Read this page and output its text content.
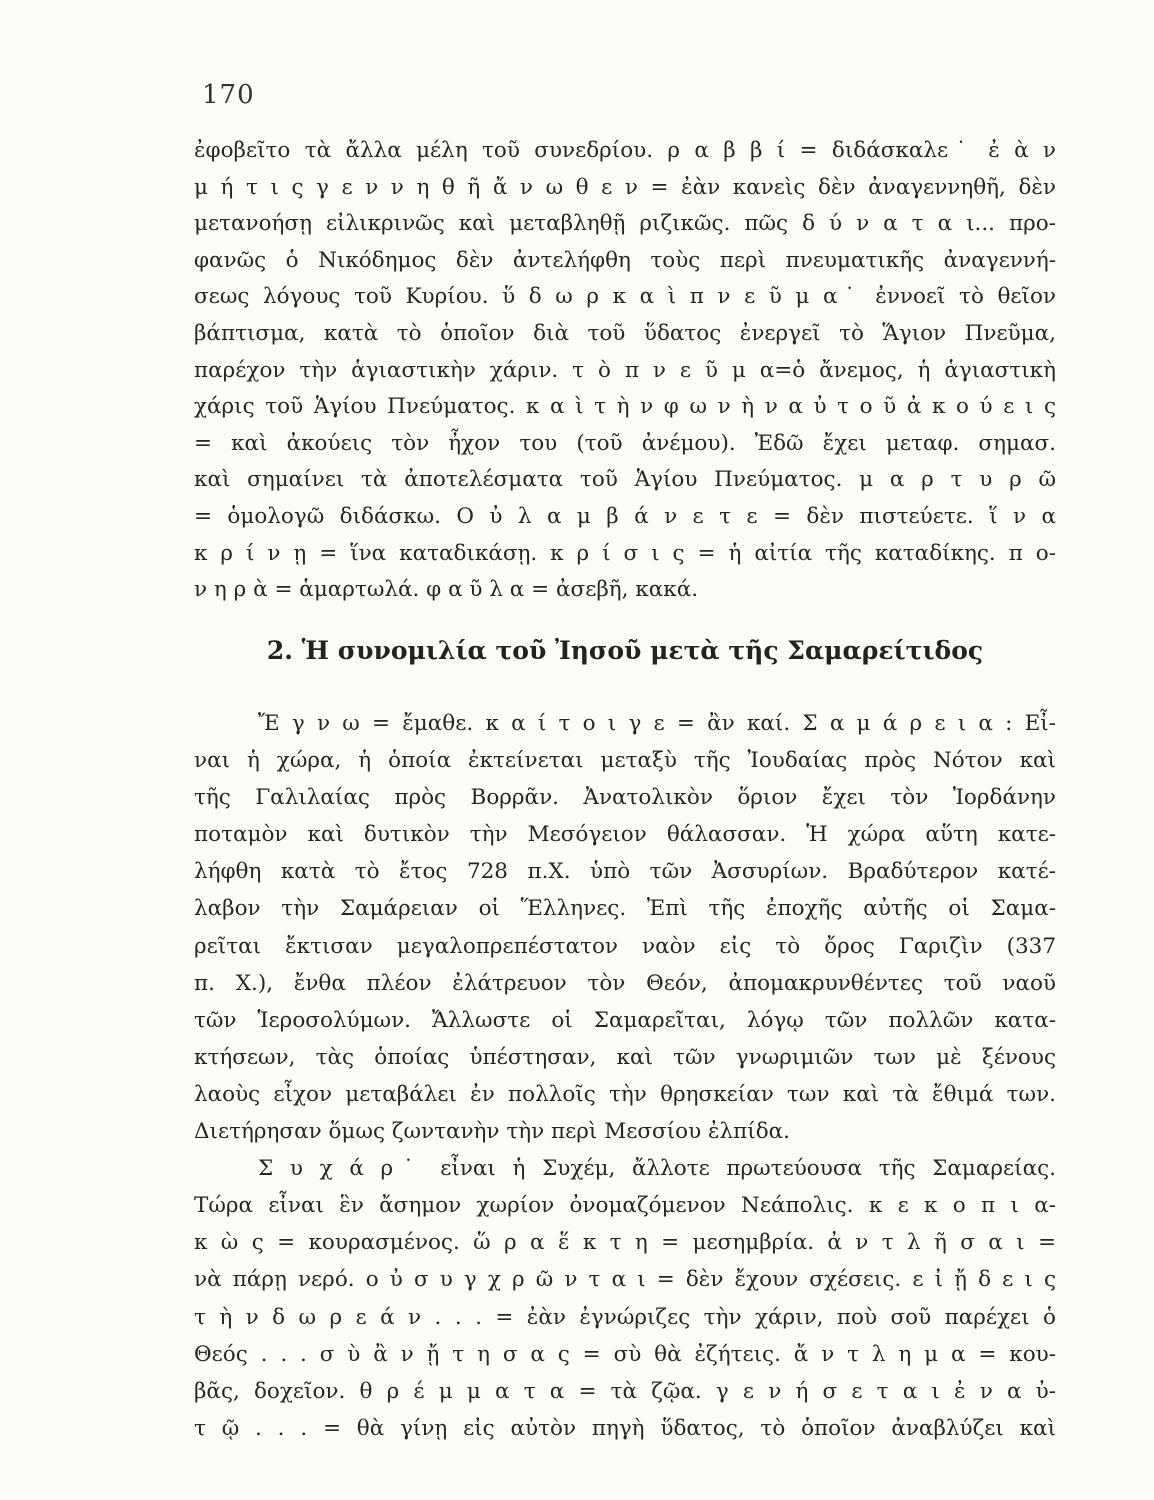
170
ἐφοβεῖτο τὰ ἄλλα μέλη τοῦ συνεδρίου. ρ α β β ί = διδάσκαλε˙ ἐ ὰ ν
μ ή τ ι ς γ ε ν ν η θ ῆ ἄ ν ω θ ε ν = ἐὰν κανεὶς δὲν ἀναγεννηθῆ, δὲν
μετανοήσῃ εἰλικρινῶς καὶ μεταβληθῇ ριζικῶς. πῶς δ ύ ν α τ α ι... προ-
φανῶς ὁ Νικόδημος δὲν ἀντελήφθη τοὺς περὶ πνευματικῆς ἀναγεννή-
σεως λόγους τοῦ Κυρίου. ὕ δ ω ρ κ α ὶ π ν ε ῦ μ α˙ ἐννοεῖ τὸ θεῖον
βάπτισμα, κατὰ τὸ ὁποῖον διὰ τοῦ ὕδατος ἐνεργεῖ τὸ Ἅγιον Πνεῦμα,
παρέχον τὴν ἁγιαστικὴν χάριν. τ ὸ π ν ε ῦ μ α=ὁ ἄνεμος, ἡ ἁγιαστικὴ
χάρις τοῦ Ἁγίου Πνεύματος. κ α ὶ τ ὴ ν φ ω ν ὴ ν α ὐ τ ο ῦ ἀ κ ο ύ ε ι ς
= καὶ ἀκούεις τὸν ἦχον του (τοῦ ἀνέμου). Ἐδῶ ἔχει μεταφ. σημασ.
καὶ σημαίνει τὰ ἀποτελέσματα τοῦ Ἁγίου Πνεύματος. μ α ρ τ υ ρ ῶ
= ὁμολογῶ διδάσκω. Ο ὐ λ α μ β ά ν ε τ ε = δὲν πιστεύετε. ἵ ν α
κ ρ ί ν ῃ = ἵνα καταδικάσῃ. κ ρ ί σ ι ς = ἡ αἰτία τῆς καταδίκης. π ο-
ν η ρ ὰ = ἁμαρτωλά. φ α ῦ λ α = ἀσεβῆ, κακά.
2. Ἡ συνομιλία τοῦ Ἰησοῦ μετὰ τῆς Σαμαρείτιδος
Ἔ γ ν ω = ἔμαθε. κ α ί τ ο ι γ ε = ἂν καί. Σ α μ ά ρ ε ι α : Εἶ-
ναι ἡ χώρα, ἡ ὁποία ἐκτείνεται μεταξὺ τῆς Ἰουδαίας πρὸς Νότον καὶ
τῆς Γαλιλαίας πρὸς Βορρᾶν. Ἀνατολικὸν ὅριον ἔχει τὸν Ἰορδάνην
ποταμὸν καὶ δυτικὸν τὴν Μεσόγειον θάλασσαν. Ἡ χώρα αὕτη κατε-
λήφθη κατὰ τὸ ἔτος 728 π.Χ. ὑπὸ τῶν Ἀσσυρίων. Βραδύτερον κατέ-
λαβον τὴν Σαμάρειαν οἱ Ἕλληνες. Ἐπὶ τῆς ἐποχῆς αὐτῆς οἱ Σαμα-
ρεῖται ἔκτισαν μεγαλοπρεπέστατον ναὸν εἰς τὸ ὄρος Γαριζὶν (337
π. Χ.), ἔνθα πλέον ἐλάτρευον τὸν Θεόν, ἀπομακρυνθέντες τοῦ ναοῦ
τῶν Ἱεροσολύμων. Ἄλλωστε οἱ Σαμαρεῖται, λόγῳ τῶν πολλῶν κατα-
κτήσεων, τὰς ὁποίας ὑπέστησαν, καὶ τῶν γνωριμιῶν των μὲ ξένους
λαοὺς εἶχον μεταβάλει ἐν πολλοῖς τὴν θρησκείαν των καὶ τὰ ἔθιμά των.
Διετήρησαν ὅμως ζωντανὴν τὴν περὶ Μεσσίου ἐλπίδα.
Σ υ χ ά ρ˙ εἶναι ἡ Συχέμ, ἄλλοτε πρωτεύουσα τῆς Σαμαρείας.
Τώρα εἶναι ἓν ἄσημον χωρίον ὀνομαζόμενον Νεάπολις. κ ε κ ο π ι α-
κ ὼ ς = κουρασμένος. ὥ ρ α ἕ κ τ η = μεσημβρία. ἀ ν τ λ ῆ σ α ι =
νὰ πάρῃ νερό. ο ὐ σ υ γ χ ρ ῶ ν τ α ι = δὲν ἔχουν σχέσεις. ε ἰ ᾔ δ ε ι ς
τ ὴ ν δ ω ρ ε ά ν . . . = ἐὰν ἐγνώριζες τὴν χάριν, ποὺ σοῦ παρέχει ὁ
Θεός . . . σ ὺ ἂ ν ᾔ τ η σ α ς = σὺ θὰ ἐζήτεις. ἄ ν τ λ η μ α = κου-
βᾶς, δοχεῖον. θ ρ έ μ μ α τ α = τὰ ζῷα. γ ε ν ή σ ε τ α ι ἐ ν α ὐ-
τ ῷ . . . = θὰ γίνῃ εἰς αὐτὸν πηγὴ ὕδατος, τὸ ὁποῖον ἀναβλύζει καὶ
